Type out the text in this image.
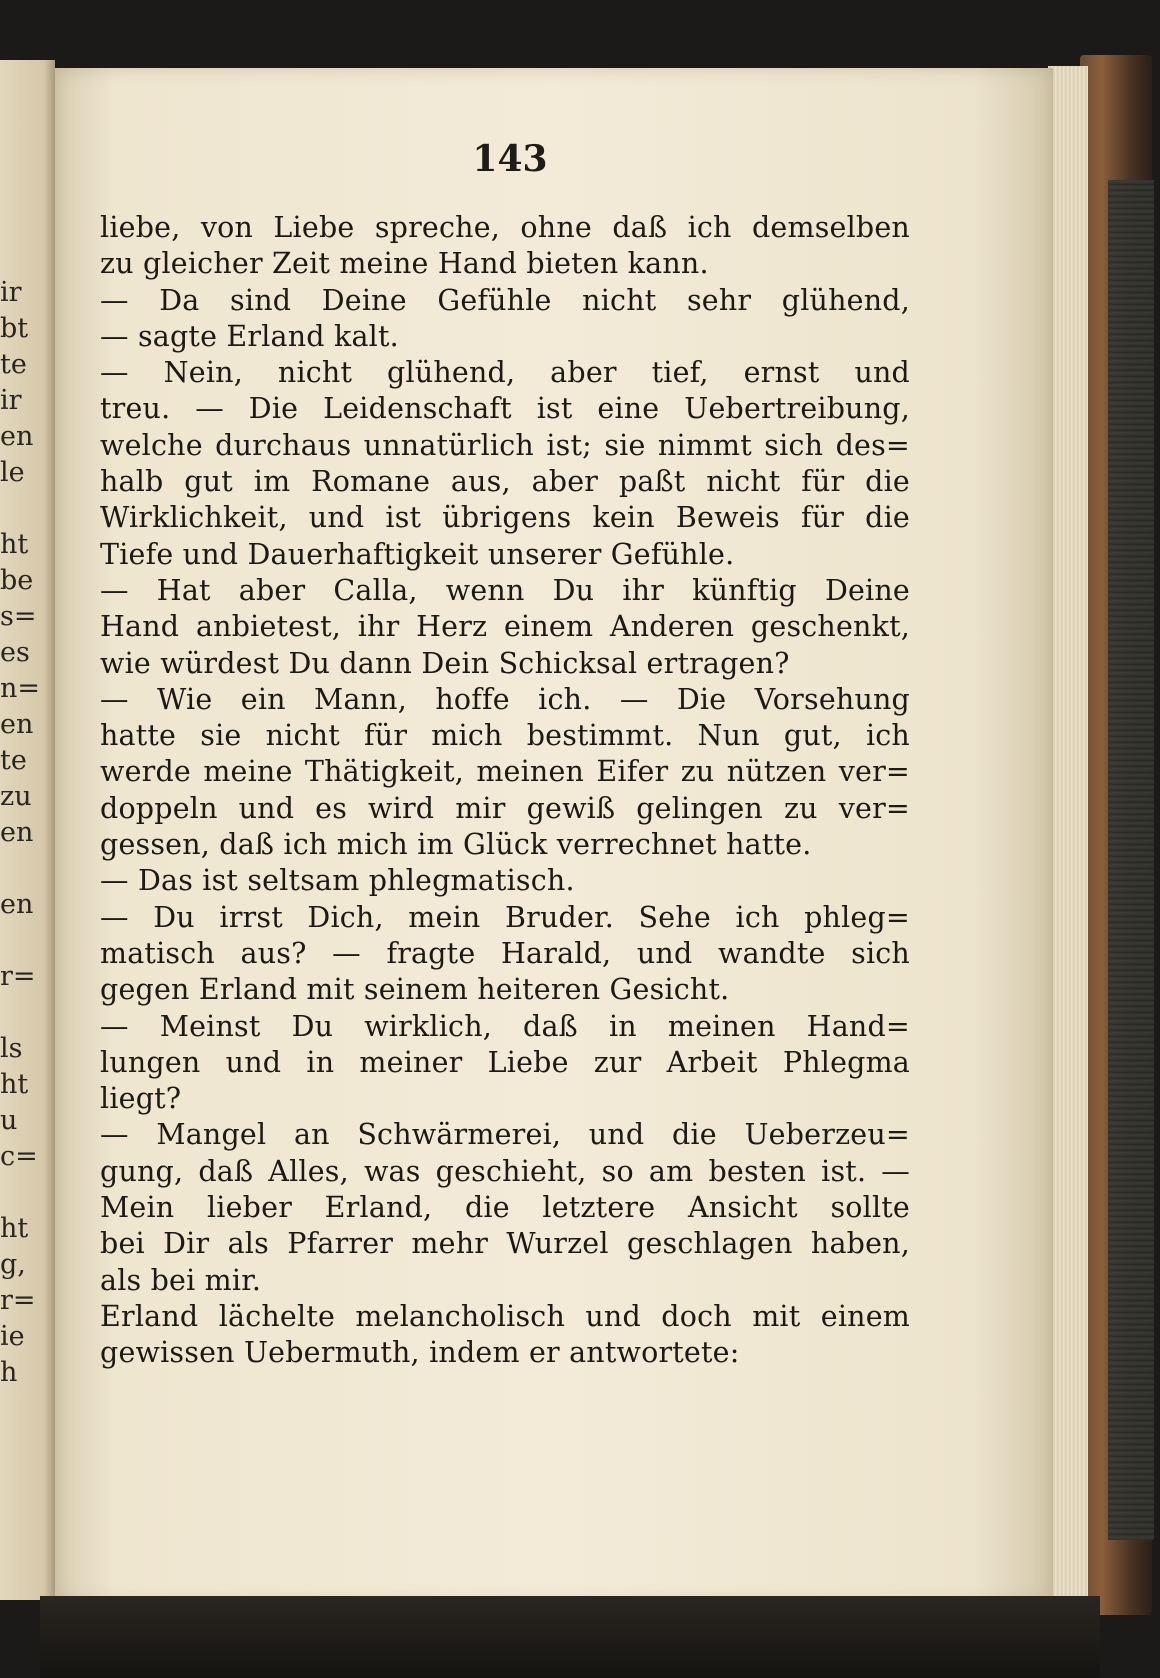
ir
bt
te
ir
en
le
ht
be
s=
es
n=
en
te
zu
en
en
r=
ls
ht
u
c=
ht
g,
r=
ie
h
143
liebe, von Liebe spreche, ohne daß ich demselben
zu gleicher Zeit meine Hand bieten kann.
— Da sind Deine Gefühle nicht sehr glühend,
— sagte Erland kalt.
— Nein, nicht glühend, aber tief, ernst und
treu. — Die Leidenschaft ist eine Uebertreibung,
welche durchaus unnatürlich ist; sie nimmt sich des=
halb gut im Romane aus, aber paßt nicht für die
Wirklichkeit, und ist übrigens kein Beweis für die
Tiefe und Dauerhaftigkeit unserer Gefühle.
— Hat aber Calla, wenn Du ihr künftig Deine
Hand anbietest, ihr Herz einem Anderen geschenkt,
wie würdest Du dann Dein Schicksal ertragen?
— Wie ein Mann, hoffe ich. — Die Vorsehung
hatte sie nicht für mich bestimmt. Nun gut, ich
werde meine Thätigkeit, meinen Eifer zu nützen ver=
doppeln und es wird mir gewiß gelingen zu ver=
gessen, daß ich mich im Glück verrechnet hatte.
— Das ist seltsam phlegmatisch.
— Du irrst Dich, mein Bruder. Sehe ich phleg=
matisch aus? — fragte Harald, und wandte sich
gegen Erland mit seinem heiteren Gesicht.
— Meinst Du wirklich, daß in meinen Hand=
lungen und in meiner Liebe zur Arbeit Phlegma
liegt?
— Mangel an Schwärmerei, und die Ueberzeu=
gung, daß Alles, was geschieht, so am besten ist. —
Mein lieber Erland, die letztere Ansicht sollte
bei Dir als Pfarrer mehr Wurzel geschlagen haben,
als bei mir.
Erland lächelte melancholisch und doch mit einem
gewissen Uebermuth, indem er antwortete:
